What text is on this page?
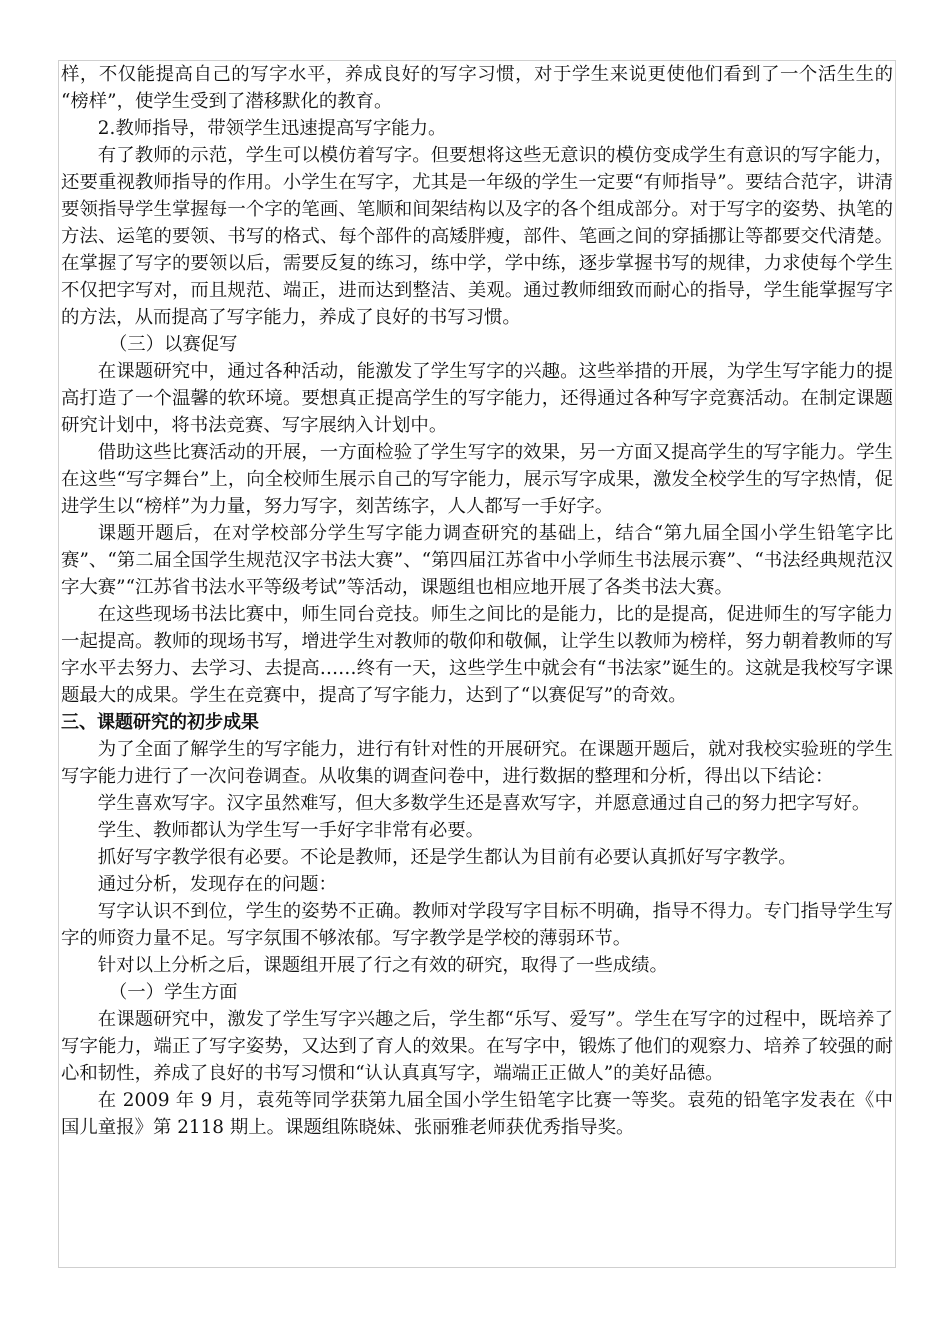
样，不仅能提高自己的写字水平，养成良好的写字习惯，对于学生来说更使他们看到了一个活生生的 “榜样”，使学生受到了潜移默化的教育。

2.教师指导，带领学生迅速提高写字能力。

有了教师的示范，学生可以模仿着写字。但要想将这些无意识的模仿变成学生有意识的写字能力，还要重视教师指导的作用。小学生在写字，尤其是一年级的学生一定要“有师指导”。要结合范字，讲清要领指导学生掌握每一个字的笔画、笔顺和间架结构以及字的各个组成部分。对于写字的姿势、执笔的方法、运笔的要领、书写的格式、每个部件的高矮胖瘦，部件、笔画之间的穿插挪让等都要交代清楚。在掌握了写字的要领以后，需要反复的练习，练中学，学中练，逐步掌握书写的规律，力求使每个学生不仅把字写对，而且规范、端正，进而达到整洁、美观。通过教师细致而耐心的指导，学生能掌握写字的方法，从而提高了写字能力，养成了良好的书写习惯。

（三）以赛促写

在课题研究中，通过各种活动，能激发了学生写字的兴趣。这些举措的开展，为学生写字能力的提高打造了一个温馨的软环境。要想真正提高学生的写字能力，还得通过各种写字竞赛活动。在制定课题研究计划中，将书法竞赛、写字展纳入计划中。

借助这些比赛活动的开展，一方面检验了学生写字的效果，另一方面又提高学生的写字能力。学生在这些“写字舞台”上，向全校师生展示自己的写字能力，展示写字成果，激发全校学生的写字热情，促进学生以“榜样”为力量，努力写字，刻苦练字，人人都写一手好字。

课题开题后，在对学校部分学生写字能力调查研究的基础上，结合“第九届全国小学生铅笔字比赛”、“第二届全国学生规范汉字书法大赛”、“第四届江苏省中小学师生书法展示赛”、“书法经典规范汉字大赛”“江苏省书法水平等级考试”等活动，课题组也相应地开展了各类书法大赛。

在这些现场书法比赛中，师生同台竞技。师生之间比的是能力，比的是提高，促进师生的写字能力一起提高。教师的现场书写，增进学生对教师的敬仰和敬佩，让学生以教师为榜样，努力朝着教师的写字水平去努力、去学习、去提高……终有一天，这些学生中就会有“书法家”诞生的。这就是我校写字课题最大的成果。学生在竞赛中，提高了写字能力，达到了“以赛促写”的奇效。

三、课题研究的初步成果

为了全面了解学生的写字能力，进行有针对性的开展研究。在课题开题后，就对我校实验班的学生写字能力进行了一次问卷调查。从收集的调查问卷中，进行数据的整理和分析，得出以下结论：

学生喜欢写字。汉字虽然难写，但大多数学生还是喜欢写字，并愿意通过自己的努力把字写好。

学生、教师都认为学生写一手好字非常有必要。

抓好写字教学很有必要。不论是教师，还是学生都认为目前有必要认真抓好写字教学。

通过分析，发现存在的问题：

写字认识不到位，学生的姿势不正确。教师对学段写字目标不明确，指导不得力。专门指导学生写字的师资力量不足。写字氛围不够浓郁。写字教学是学校的薄弱环节。

针对以上分析之后，课题组开展了行之有效的研究，取得了一些成绩。

（一）学生方面

在课题研究中，激发了学生写字兴趣之后，学生都“乐写、爱写”。学生在写字的过程中，既培养了写字能力，端正了写字姿势，又达到了育人的效果。在写字中，锻炼了他们的观察力、培养了较强的耐心和韧性，养成了良好的书写习惯和“认认真真写字，端端正正做人”的美好品德。

在 2009 年 9 月，袁苑等同学获第九届全国小学生铅笔字比赛一等奖。袁苑的铅笔字发表在《中国儿童报》第 2118 期上。课题组陈晓妹、张丽雅老师获优秀指导奖。
